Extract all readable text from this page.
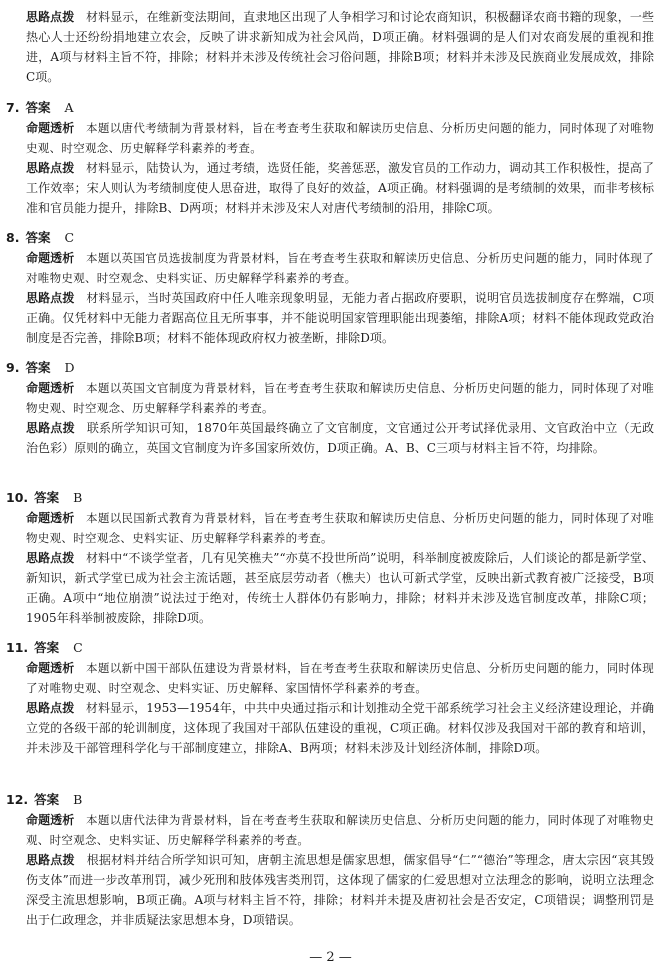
思路点拨 材料显示，在维新变法期间，直隶地区出现了人争相学习和讨论农商知识，积极翻译农商书籍的现象，一些热心人士还纷纷捐地建立农会，反映了讲求新知成为社会风尚，D项正确。材料强调的是人们对农商发展的重视和推进，A项与材料主旨不符，排除；材料并未涉及传统社会习俗问题，排除B项；材料并未涉及民族商业发展成效，排除C项。

7. 答案 A

命题透析 本题以唐代考绩制为背景材料，旨在考查考生获取和解读历史信息、分析历史问题的能力，同时体现了对唯物史观、时空观念、历史解释学科素养的考查。

思路点拨 材料显示，陆贽认为，通过考绩，选贤任能，奖善惩恶，激发官员的工作动力，调动其工作积极性，提高了工作效率；宋人则认为考绩制度使人思奋进，取得了良好的效益，A项正确。材料强调的是考绩制的效果，而非考核标准和官员能力提升，排除B、D两项；材料并未涉及宋人对唐代考绩制的沿用，排除C项。

8. 答案 C

命题透析 本题以英国官员选拔制度为背景材料，旨在考查考生获取和解读历史信息、分析历史问题的能力，同时体现了对唯物史观、时空观念、史料实证、历史解释学科素养的考查。

思路点拨 材料显示，当时英国政府中任人唯亲现象明显，无能力者占据政府要职，说明官员选拔制度存在弊端，C项正确。仅凭材料中无能力者踞高位且无所事事，并不能说明国家管理职能出现萎缩，排除A项；材料不能体现政党政治制度是否完善，排除B项；材料不能体现政府权力被垄断，排除D项。

9. 答案 D

命题透析 本题以英国文官制度为背景材料，旨在考查考生获取和解读历史信息、分析历史问题的能力，同时体现了对唯物史观、时空观念、历史解释学科素养的考查。

思路点拨 联系所学知识可知，1870年英国最终确立了文官制度，文官通过公开考试择优录用、文官政治中立（无政治色彩）原则的确立，英国文官制度为许多国家所效仿，D项正确。A、B、C三项与材料主旨不符，均排除。

10. 答案 B

命题透析 本题以民国新式教育为背景材料，旨在考查考生获取和解读历史信息、分析历史问题的能力，同时体现了对唯物史观、时空观念、史料实证、历史解释学科素养的考查。

思路点拨 材料中“不谈学堂者，几有见笑樵夫”“亦莫不投世所尚”说明，科举制度被废除后，人们谈论的都是新学堂、新知识，新式学堂已成为社会主流话题，甚至底层劳动者（樵夫）也认可新式学堂，反映出新式教育被广泛接受，B项正确。A项中“地位崩溃”说法过于绝对，传统士人群体仍有影响力，排除；材料并未涉及选官制度改革，排除C项；1905年科举制被废除，排除D项。

11. 答案 C

命题透析 本题以新中国干部队伍建设为背景材料，旨在考查考生获取和解读历史信息、分析历史问题的能力，同时体现了对唯物史观、时空观念、史料实证、历史解释、家国情怀学科素养的考查。

思路点拨 材料显示，1953—1954年，中共中央通过指示和计划推动全党干部系统学习社会主义经济建设理论，并确立党的各级干部的轮训制度，这体现了我国对干部队伍建设的重视，C项正确。材料仅涉及我国对干部的教育和培训，并未涉及干部管理科学化与干部制度建立，排除A、B两项；材料未涉及计划经济体制，排除D项。

12. 答案 B

命题透析 本题以唐代法律为背景材料，旨在考查考生获取和解读历史信息、分析历史问题的能力，同时体现了对唯物史观、时空观念、史料实证、历史解释学科素养的考查。

思路点拨 根据材料并结合所学知识可知，唐朝主流思想是儒家思想，儒家倡导“仁”“德治”等理念，唐太宗因“哀其毁伤支体”而进一步改革刑罚，减少死刑和肢体残害类刑罚，这体现了儒家的仁爱思想对立法理念的影响，说明立法理念深受主流思想影响，B项正确。A项与材料主旨不符，排除；材料并未提及唐初社会是否安定，C项错误；调整刑罚是出于仁政理念，并非质疑法家思想本身，D项错误。

— 2 —
